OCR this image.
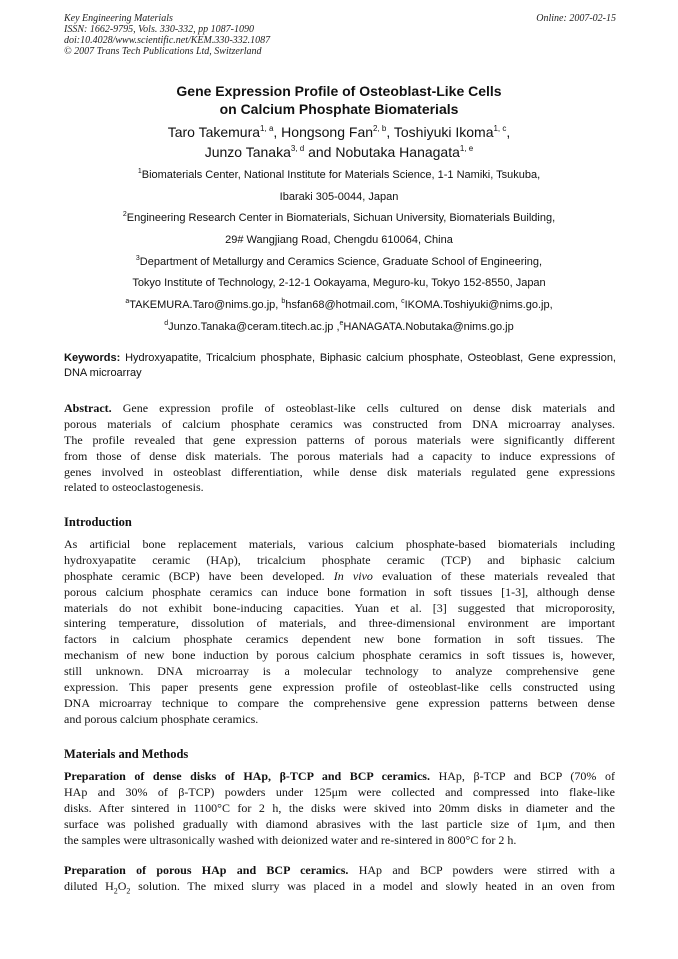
Key Engineering Materials
ISSN: 1662-9795, Vols. 330-332, pp 1087-1090
doi:10.4028/www.scientific.net/KEM.330-332.1087
© 2007 Trans Tech Publications Ltd, Switzerland
Online: 2007-02-15
Gene Expression Profile of Osteoblast-Like Cells
on Calcium Phosphate Biomaterials
Taro Takemura$^{1, a}$, Hongsong Fan$^{2, b}$, Toshiyuki Ikoma$^{1, c}$,
Junzo Tanaka$^{3, d}$ and Nobutaka Hanagata$^{1, e}$
$^1$Biomaterials Center, National Institute for Materials Science, 1-1 Namiki, Tsukuba,
Ibaraki 305-0044, Japan
$^2$Engineering Research Center in Biomaterials, Sichuan University, Biomaterials Building,
29# Wangjiang Road, Chengdu 610064, China
$^3$Department of Metallurgy and Ceramics Science, Graduate School of Engineering,
Tokyo Institute of Technology, 2-12-1 Ookayama, Meguro-ku, Tokyo 152-8550, Japan
$^a$TAKEMURA.Taro@nims.go.jp, $^b$hsfan68@hotmail.com, $^c$IKOMA.Toshiyuki@nims.go.jp,
$^d$Junzo.Tanaka@ceram.titech.ac.jp ,$^e$HANAGATA.Nobutaka@nims.go.jp
Keywords: Hydroxyapatite, Tricalcium phosphate, Biphasic calcium phosphate, Osteoblast, Gene expression, DNA microarray
Abstract. Gene expression profile of osteoblast-like cells cultured on dense disk materials and
porous materials of calcium phosphate ceramics was constructed from DNA microarray analyses.
The profile revealed that gene expression patterns of porous materials were significantly different
from those of dense disk materials. The porous materials had a capacity to induce expressions of
genes involved in osteoblast differentiation, while dense disk materials regulated gene expressions
related to osteoclastogenesis.
Introduction
As artificial bone replacement materials, various calcium phosphate-based biomaterials including
hydroxyapatite ceramic (HAp), tricalcium phosphate ceramic (TCP) and biphasic calcium
phosphate ceramic (BCP) have been developed. In vivo evaluation of these materials revealed that
porous calcium phosphate ceramics can induce bone formation in soft tissues [1-3], although dense
materials do not exhibit bone-inducing capacities. Yuan et al. [3] suggested that microporosity,
sintering temperature, dissolution of materials, and three-dimensional environment are important
factors in calcium phosphate ceramics dependent new bone formation in soft tissues. The
mechanism of new bone induction by porous calcium phosphate ceramics in soft tissues is, however,
still unknown. DNA microarray is a molecular technology to analyze comprehensive gene
expression. This paper presents gene expression profile of osteoblast-like cells constructed using
DNA microarray technique to compare the comprehensive gene expression patterns between dense
and porous calcium phosphate ceramics.
Materials and Methods
Preparation of dense disks of HAp, β-TCP and BCP ceramics. HAp, β-TCP and BCP (70% of
HAp and 30% of β-TCP) powders under 125μm were collected and compressed into flake-like
disks. After sintered in 1100°C for 2 h, the disks were skived into 20mm disks in diameter and the
surface was polished gradually with diamond abrasives with the last particle size of 1μm, and then
the samples were ultrasonically washed with deionized water and re-sintered in 800°C for 2 h.
Preparation of porous HAp and BCP ceramics. HAp and BCP powders were stirred with a
diluted $H_2O_2$ solution. The mixed slurry was placed in a model and slowly heated in an oven from
